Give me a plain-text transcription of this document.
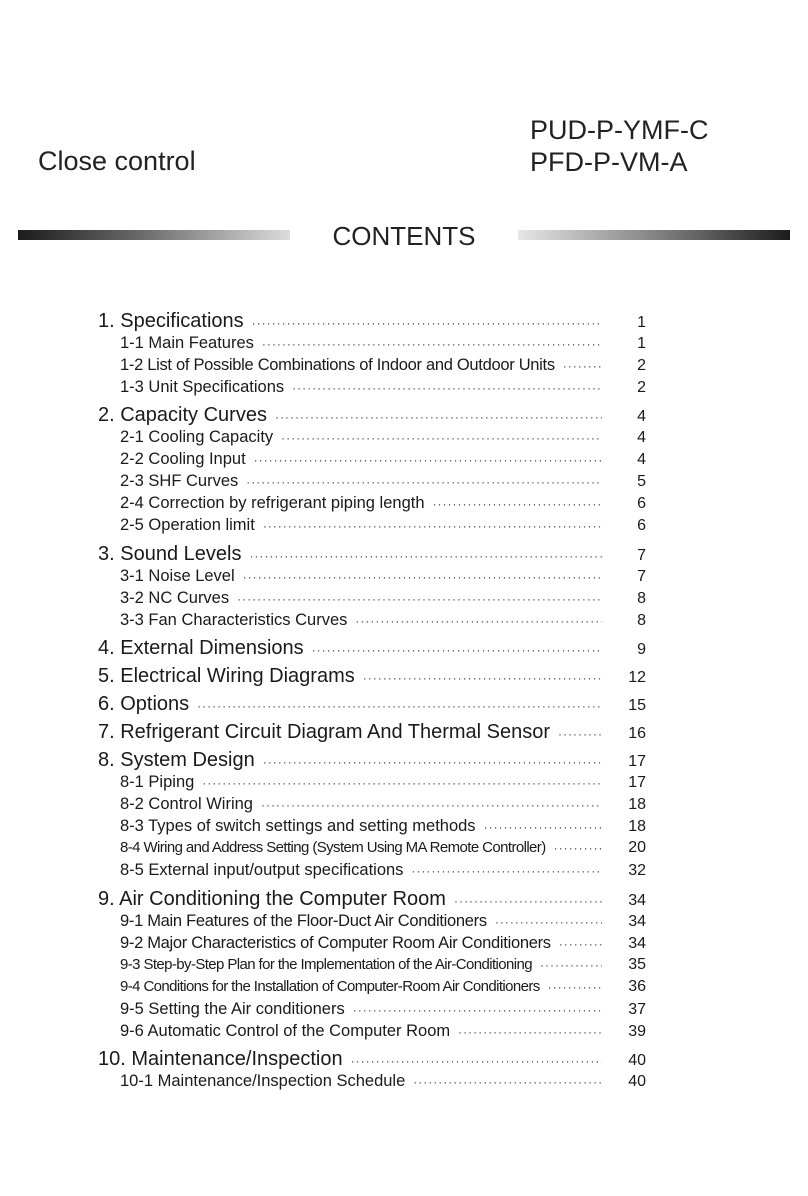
Close control
PUD-P-YMF-C
PFD-P-VM-A
CONTENTS
1. Specifications ·····	1
1-1 Main Features ·····	1
1-2 List of Possible Combinations of Indoor and Outdoor Units ·····	2
1-3 Unit Specifications ·····	2
2. Capacity Curves ·····	4
2-1 Cooling Capacity ·····	4
2-2 Cooling Input ·····	4
2-3 SHF Curves ·····	5
2-4 Correction by refrigerant piping length ·····	6
2-5 Operation limit ·····	6
3. Sound Levels ·····	7
3-1 Noise Level ·····	7
3-2 NC Curves ·····	8
3-3 Fan Characteristics Curves ·····	8
4. External Dimensions ·····	9
5. Electrical Wiring Diagrams ·····	12
6. Options ·····	15
7. Refrigerant Circuit Diagram And Thermal Sensor ·····	16
8. System Design ·····	17
8-1 Piping ·····	17
8-2 Control Wiring ·····	18
8-3 Types of switch settings and setting methods ·····	18
8-4 Wiring and Address Setting (System Using MA Remote Controller) ·····	20
8-5 External input/output specifications ·····	32
9. Air Conditioning the Computer Room ·····	34
9-1 Main Features of the Floor-Duct Air Conditioners ·····	34
9-2 Major Characteristics of Computer Room Air Conditioners ·····	34
9-3 Step-by-Step Plan for the Implementation of the Air-Conditioning ·····	35
9-4 Conditions for the Installation of Computer-Room Air Conditioners ·····	36
9-5 Setting the Air conditioners ·····	37
9-6 Automatic Control of the Computer Room ·····	39
10. Maintenance/Inspection ·····	40
10-1 Maintenance/Inspection Schedule ·····	40
